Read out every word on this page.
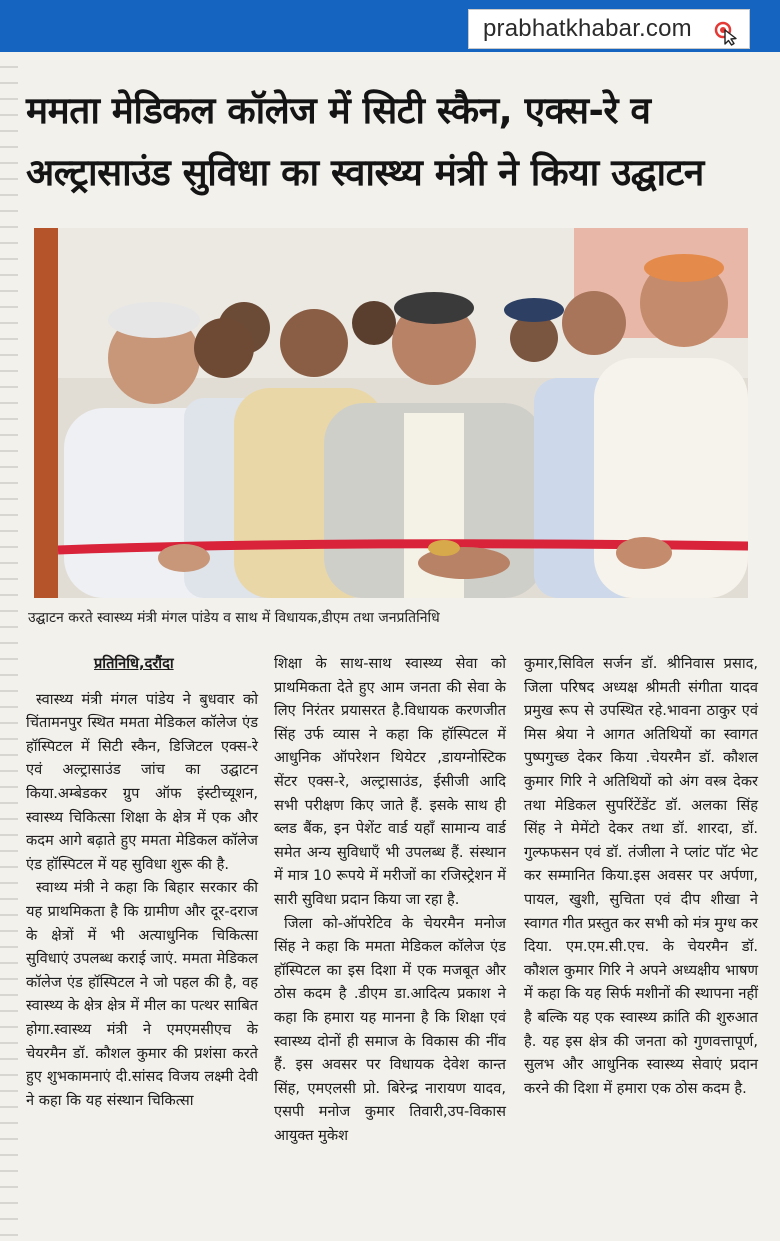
prabhatkhabar.com
ममता मेडिकल कॉलेज में सिटी स्कैन, एक्स-रे व
अल्ट्रासाउंड सुविधा का स्वास्थ्य मंत्री ने किया उद्घाटन
उद्घाटन करते स्वास्थ्य मंत्री मंगल पांडेय व साथ में विधायक,डीएम तथा जनप्रतिनिधि
प्रतिनिधि,दरौंदा
स्वास्थ्य मंत्री मंगल पांडेय ने बुधवार को चिंतामनपुर स्थित ममता मेडिकल कॉलेज एंड हॉस्पिटल में सिटी स्कैन, डिजिटल एक्स-रे एवं अल्ट्रासाउंड जांच का उद्घाटन किया.अम्बेडकर ग्रुप ऑफ इंस्टीच्यूशन, स्वास्थ्य चिकित्सा शिक्षा के क्षेत्र में एक और कदम आगे बढ़ाते हुए ममता मेडिकल कॉलेज एंड हॉस्पिटल में यह सुविधा शुरू की है.
स्वाथ्य मंत्री ने कहा कि बिहार सरकार की यह प्राथमिकता है कि ग्रामीण और दूर-दराज के क्षेत्रों में भी अत्याधुनिक चिकित्सा सुविधाएं उपलब्ध कराई जाएं. ममता मेडिकल कॉलेज एंड हॉस्पिटल ने जो पहल की है, वह स्वास्थ्य के क्षेत्र क्षेत्र में मील का पत्थर साबित होगा.स्वास्थ्य मंत्री ने एमएमसीएच के चेयरमैन डॉ. कौशल कुमार की प्रशंसा करते हुए शुभकामनाएं दी.सांसद विजय लक्ष्मी देवी ने कहा कि यह संस्थान चिकित्सा
शिक्षा के साथ-साथ स्वास्थ्य सेवा को प्राथमिकता देते हुए आम जनता की सेवा के लिए निरंतर प्रयासरत है.विधायक करणजीत सिंह उर्फ व्यास ने कहा कि हॉस्पिटल में आधुनिक ऑपरेशन थियेटर ,डायग्नोस्टिक सेंटर एक्स-रे, अल्ट्रासाउंड, ईसीजी आदि सभी परीक्षण किए जाते हैं. इसके साथ ही ब्लड बैंक, इन पेशेंट वार्ड यहाँ सामान्य वार्ड समेत अन्य सुविधाएँ भी उपलब्ध हैं. संस्थान में मात्र 10 रूपये में मरीजों का रजिस्ट्रेशन में सारी सुविधा प्रदान किया जा रहा है.
जिला को-ऑपरेटिव के चेयरमैन मनोज सिंह ने कहा कि ममता मेडिकल कॉलेज एंड हॉस्पिटल का इस दिशा में एक मजबूत और ठोस कदम है .डीएम डा.आदित्य प्रकाश ने कहा कि हमारा यह मानना है कि शिक्षा एवं स्वास्थ्य दोनों ही समाज के विकास की नींव हैं. इस अवसर पर विधायक देवेश कान्त सिंह, एमएलसी प्रो. बिरेन्द्र नारायण यादव, एसपी मनोज कुमार तिवारी,उप-विकास आयुक्त मुकेश
कुमार,सिविल सर्जन डॉ. श्रीनिवास प्रसाद, जिला परिषद अध्यक्ष श्रीमती संगीता यादव प्रमुख रूप से उपस्थित रहे.भावना ठाकुर एवं मिस श्रेया ने आगत अतिथियों का स्वागत पुष्पगुच्छ देकर किया .चेयरमैन डॉ. कौशल कुमार गिरि ने अतिथियों को अंग वस्त्र देकर तथा मेडिकल सुपरिंटेंडेंट डॉ. अलका सिंह सिंह ने मेमेंटो देकर तथा डॉ. शारदा, डॉ. गुल्फफसन एवं डॉ. तंजीला ने प्लांट पॉट भेट कर सम्मानित किया.इस अवसर पर अर्पणा, पायल, खुशी, सुचिता एवं दीप शीखा ने स्वागत गीत प्रस्तुत कर सभी को मंत्र मुग्ध कर दिया. एम.एम.सी.एच. के चेयरमैन डॉ. कौशल कुमार गिरि ने अपने अध्यक्षीय भाषण में कहा कि यह सिर्फ मशीनों की स्थापना नहीं है बल्कि यह एक स्वास्थ्य क्रांति की शुरुआत है. यह इस क्षेत्र की जनता को गुणवत्तापूर्ण, सुलभ और आधुनिक स्वास्थ्य सेवाएं प्रदान करने की दिशा में हमारा एक ठोस कदम है.
